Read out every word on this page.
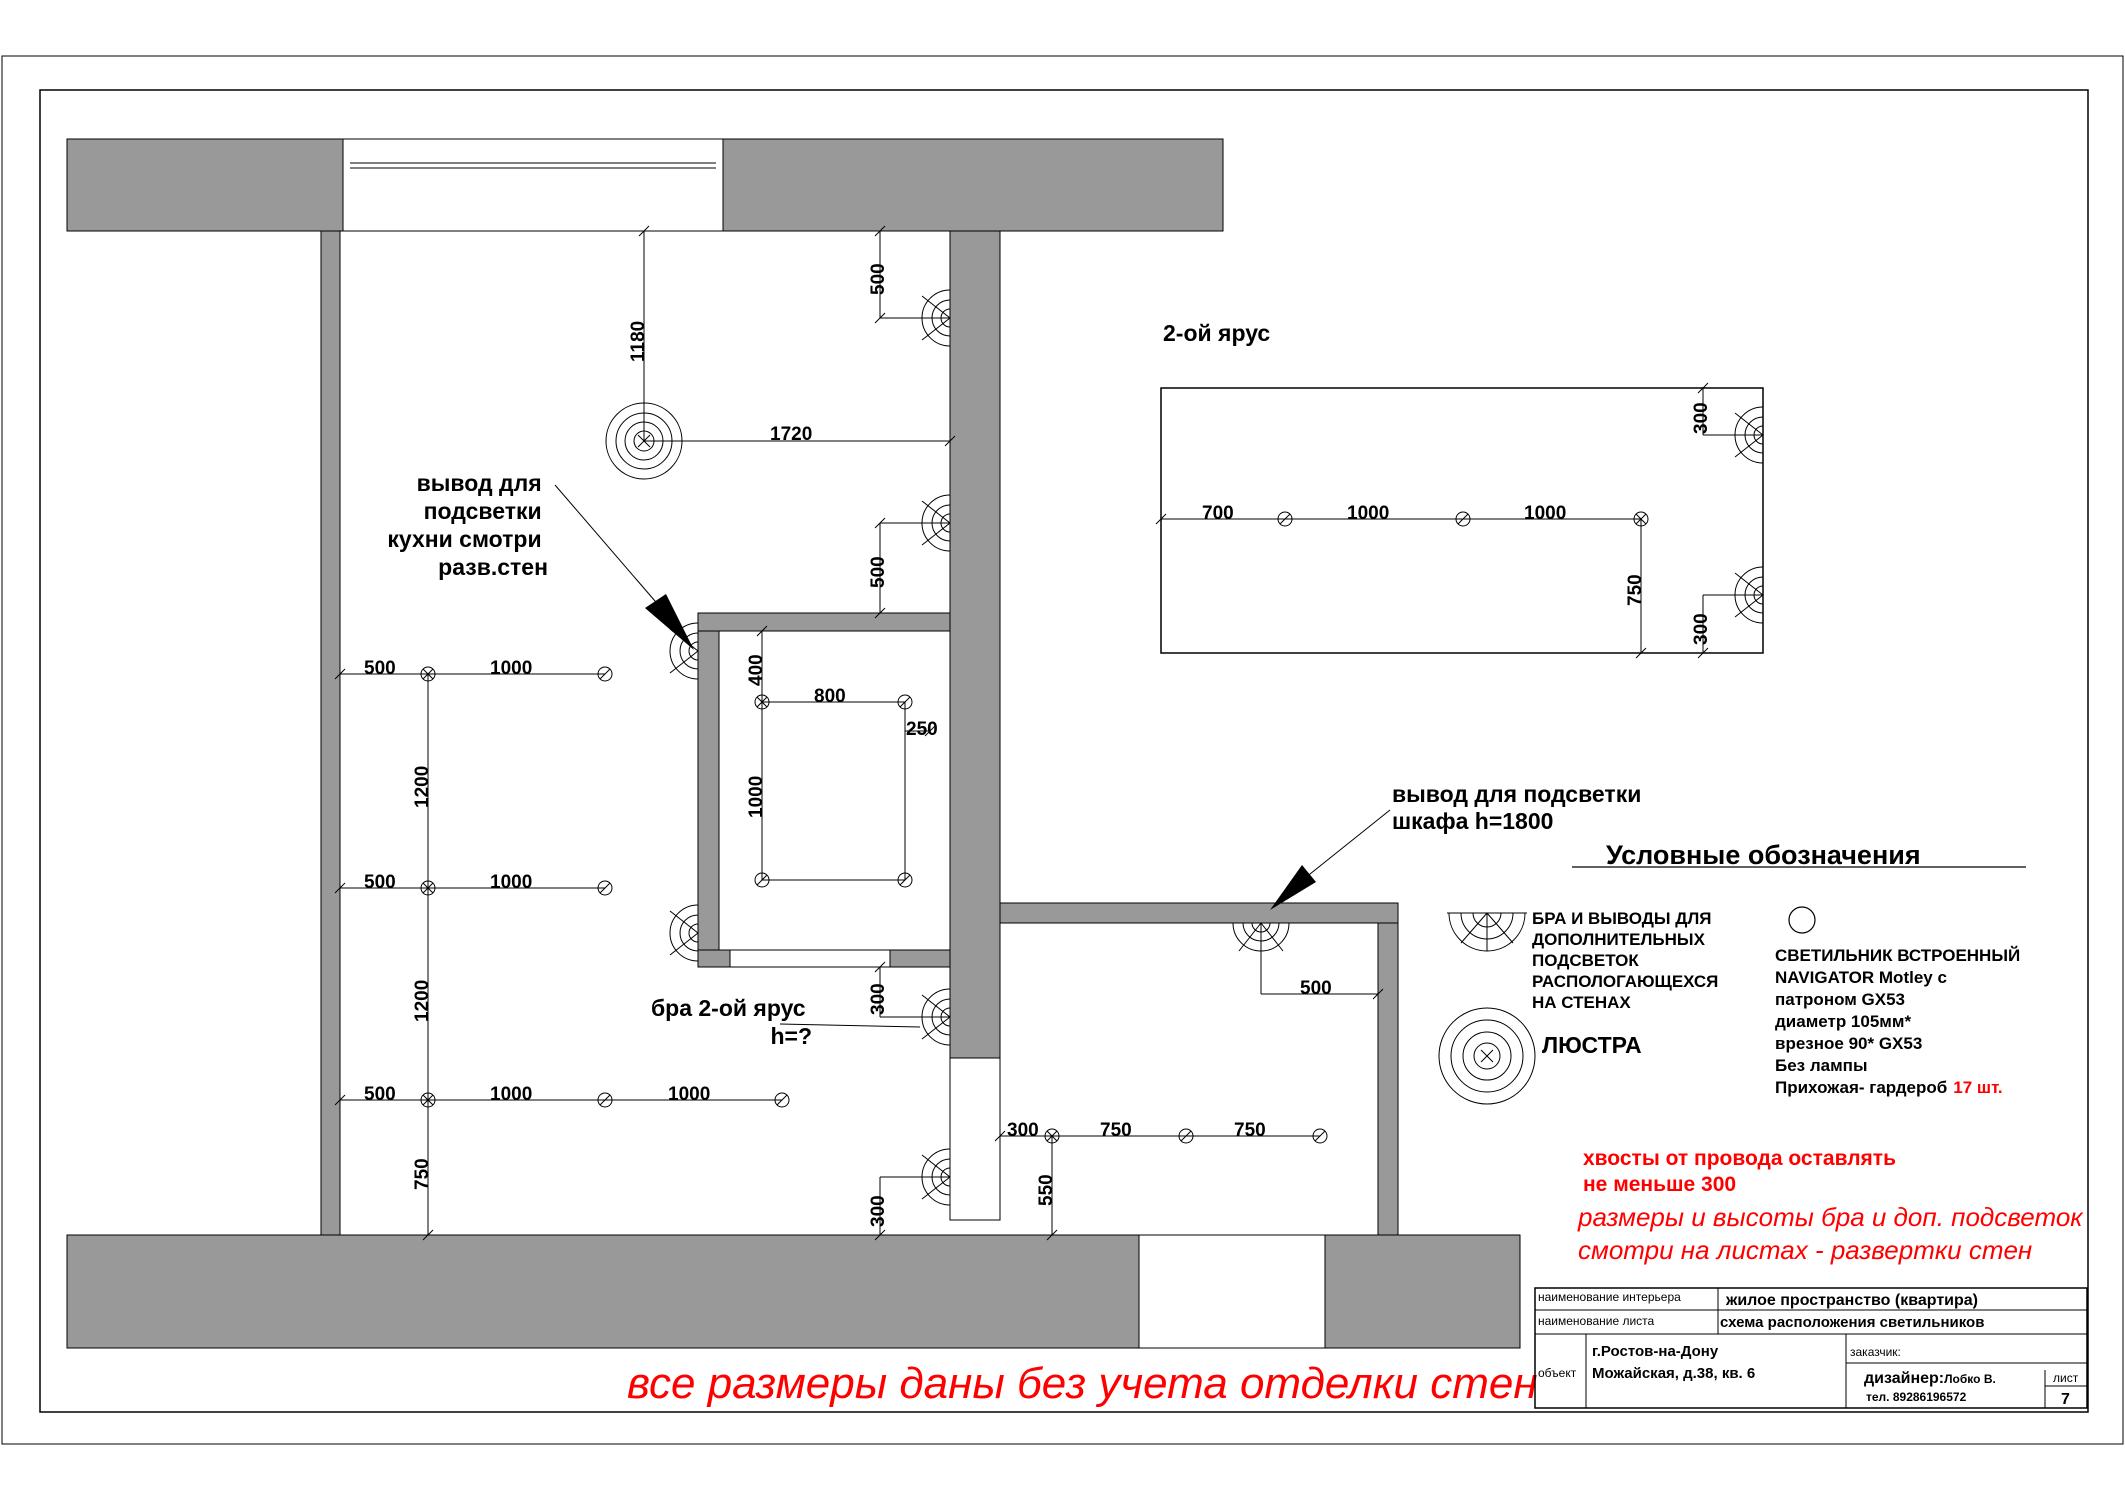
1180
1720
500
500
500	1000
1200
500	1000
1200
500	1000	1000
750
400
800
250
1000
300
300
500
300	750	750
550
вывод для подсветки кухни смотри разв.стен
бра 2-ой ярус h=?
вывод для подсветки шкафа h=1800
2-ой ярус
700	1000	1000
300
750
300
Условные обозначения
БРА И ВЫВОДЫ ДЛЯ ДОПОЛНИТЕЛЬНЫХ ПОДСВЕТОК РАСПОЛОГАЮЩЕХСЯ НА СТЕНАХ
ЛЮСТРА
СВЕТИЛЬНИК ВСТРОЕННЫЙ NAVIGATOR Motley с патроном GX53 диаметр 105мм* врезное 90* GX53 Без лампы Прихожая- гардероб 17 шт.
хвосты от провода оставлять не меньше 300
размеры и высоты бра и доп. подсветок смотри на листах - развертки стен
все размеры даны без учета отделки стен
наименование интерьера	жилое пространство (квартира)
наименование листа	схема расположения светильников
объект
г.Ростов-на-Дону
Можайская, д.38, кв. 6
заказчик:
дизайнер:Лобко В.
тел. 89286196572
лист
7
